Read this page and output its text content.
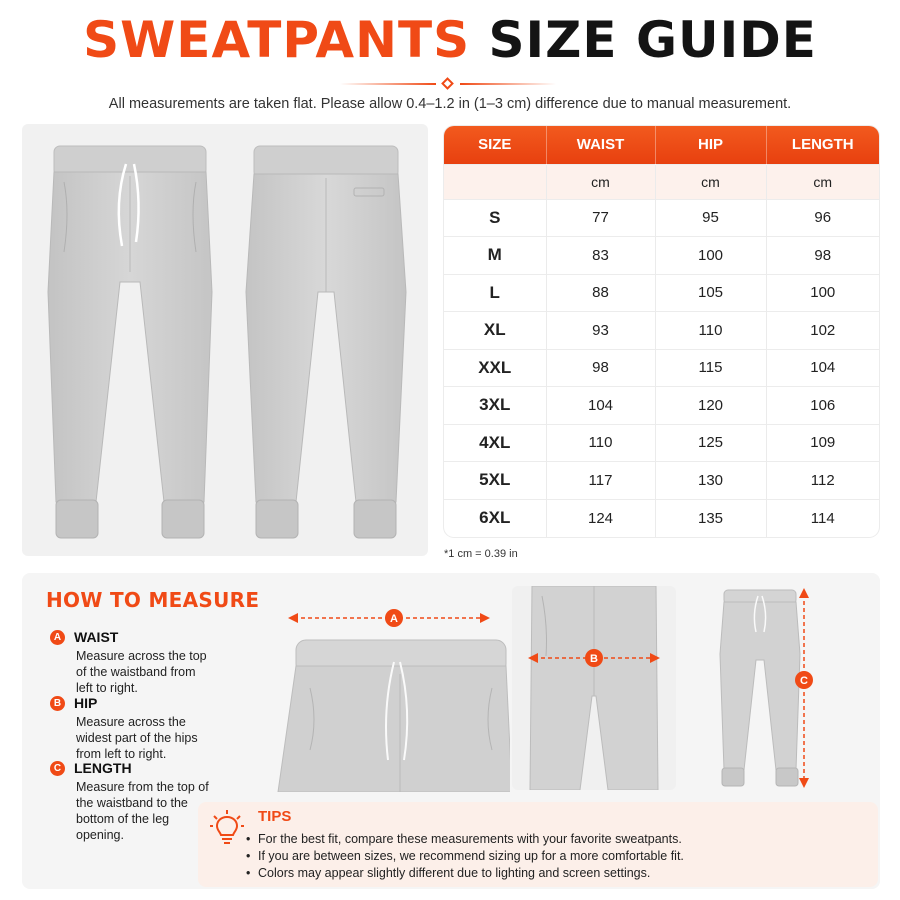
SWEATPANTS SIZE GUIDE
All measurements are taken flat. Please allow 0.4–1.2 in (1–3 cm) difference due to manual measurement.
SIZE	WAIST	HIP	LENGTH
	cm	cm	cm
S	77	95	96
M	83	100	98
L	88	105	100
XL	93	110	102
XXL	98	115	104
3XL	104	120	106
4XL	110	125	109
5XL	117	130	112
6XL	124	135	114
*1 cm = 0.39 in
HOW TO MEASURE
A WAIST
Measure across the top of the waistband from left to right.
B HIP
Measure across the widest part of the hips from left to right.
C LENGTH
Measure from the top of the waistband to the bottom of the leg opening.
A
B
C
TIPS
• For the best fit, compare these measurements with your favorite sweatpants.
• If you are between sizes, we recommend sizing up for a more comfortable fit.
• Colors may appear slightly different due to lighting and screen settings.
